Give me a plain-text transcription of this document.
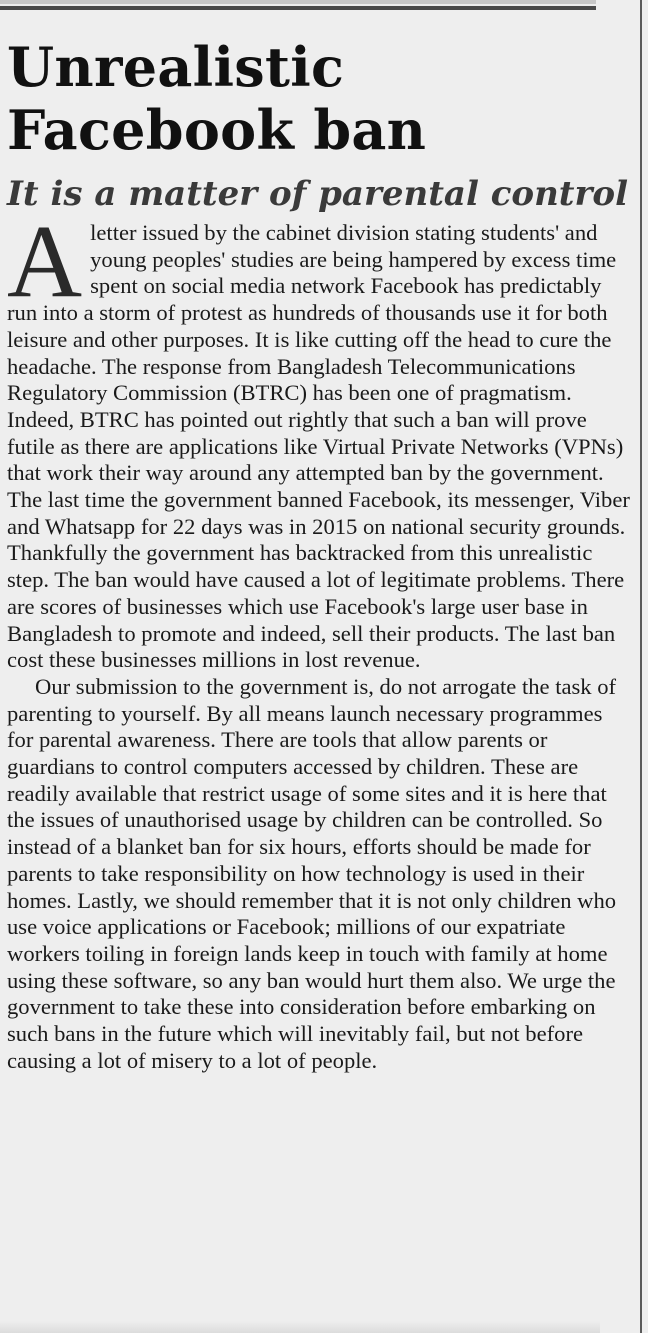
Unrealistic Facebook ban
It is a matter of parental control

Aletter issued by the cabinet division stating students' and young peoples' studies are being hampered by excess time spent on social media network Facebook has predictably run into a storm of protest as hundreds of thousands use it for both leisure and other purposes. It is like cutting off the head to cure the headache. The response from Bangladesh Telecommunications Regulatory Commission (BTRC) has been one of pragmatism. Indeed, BTRC has pointed out rightly that such a ban will prove futile as there are applications like Virtual Private Networks (VPNs) that work their way around any attempted ban by the government. The last time the government banned Facebook, its messenger, Viber and Whatsapp for 22 days was in 2015 on national security grounds. Thankfully the government has backtracked from this unrealistic step. The ban would have caused a lot of legitimate problems. There are scores of businesses which use Facebook's large user base in Bangladesh to promote and indeed, sell their products. The last ban cost these businesses millions in lost revenue.

Our submission to the government is, do not arrogate the task of parenting to yourself. By all means launch necessary programmes for parental awareness. There are tools that allow parents or guardians to control computers accessed by children. These are readily available that restrict usage of some sites and it is here that the issues of unauthorised usage by children can be controlled. So instead of a blanket ban for six hours, efforts should be made for parents to take responsibility on how technology is used in their homes. Lastly, we should remember that it is not only children who use voice applications or Facebook; millions of our expatriate workers toiling in foreign lands keep in touch with family at home using these software, so any ban would hurt them also. We urge the government to take these into consideration before embarking on such bans in the future which will inevitably fail, but not before causing a lot of misery to a lot of people.
